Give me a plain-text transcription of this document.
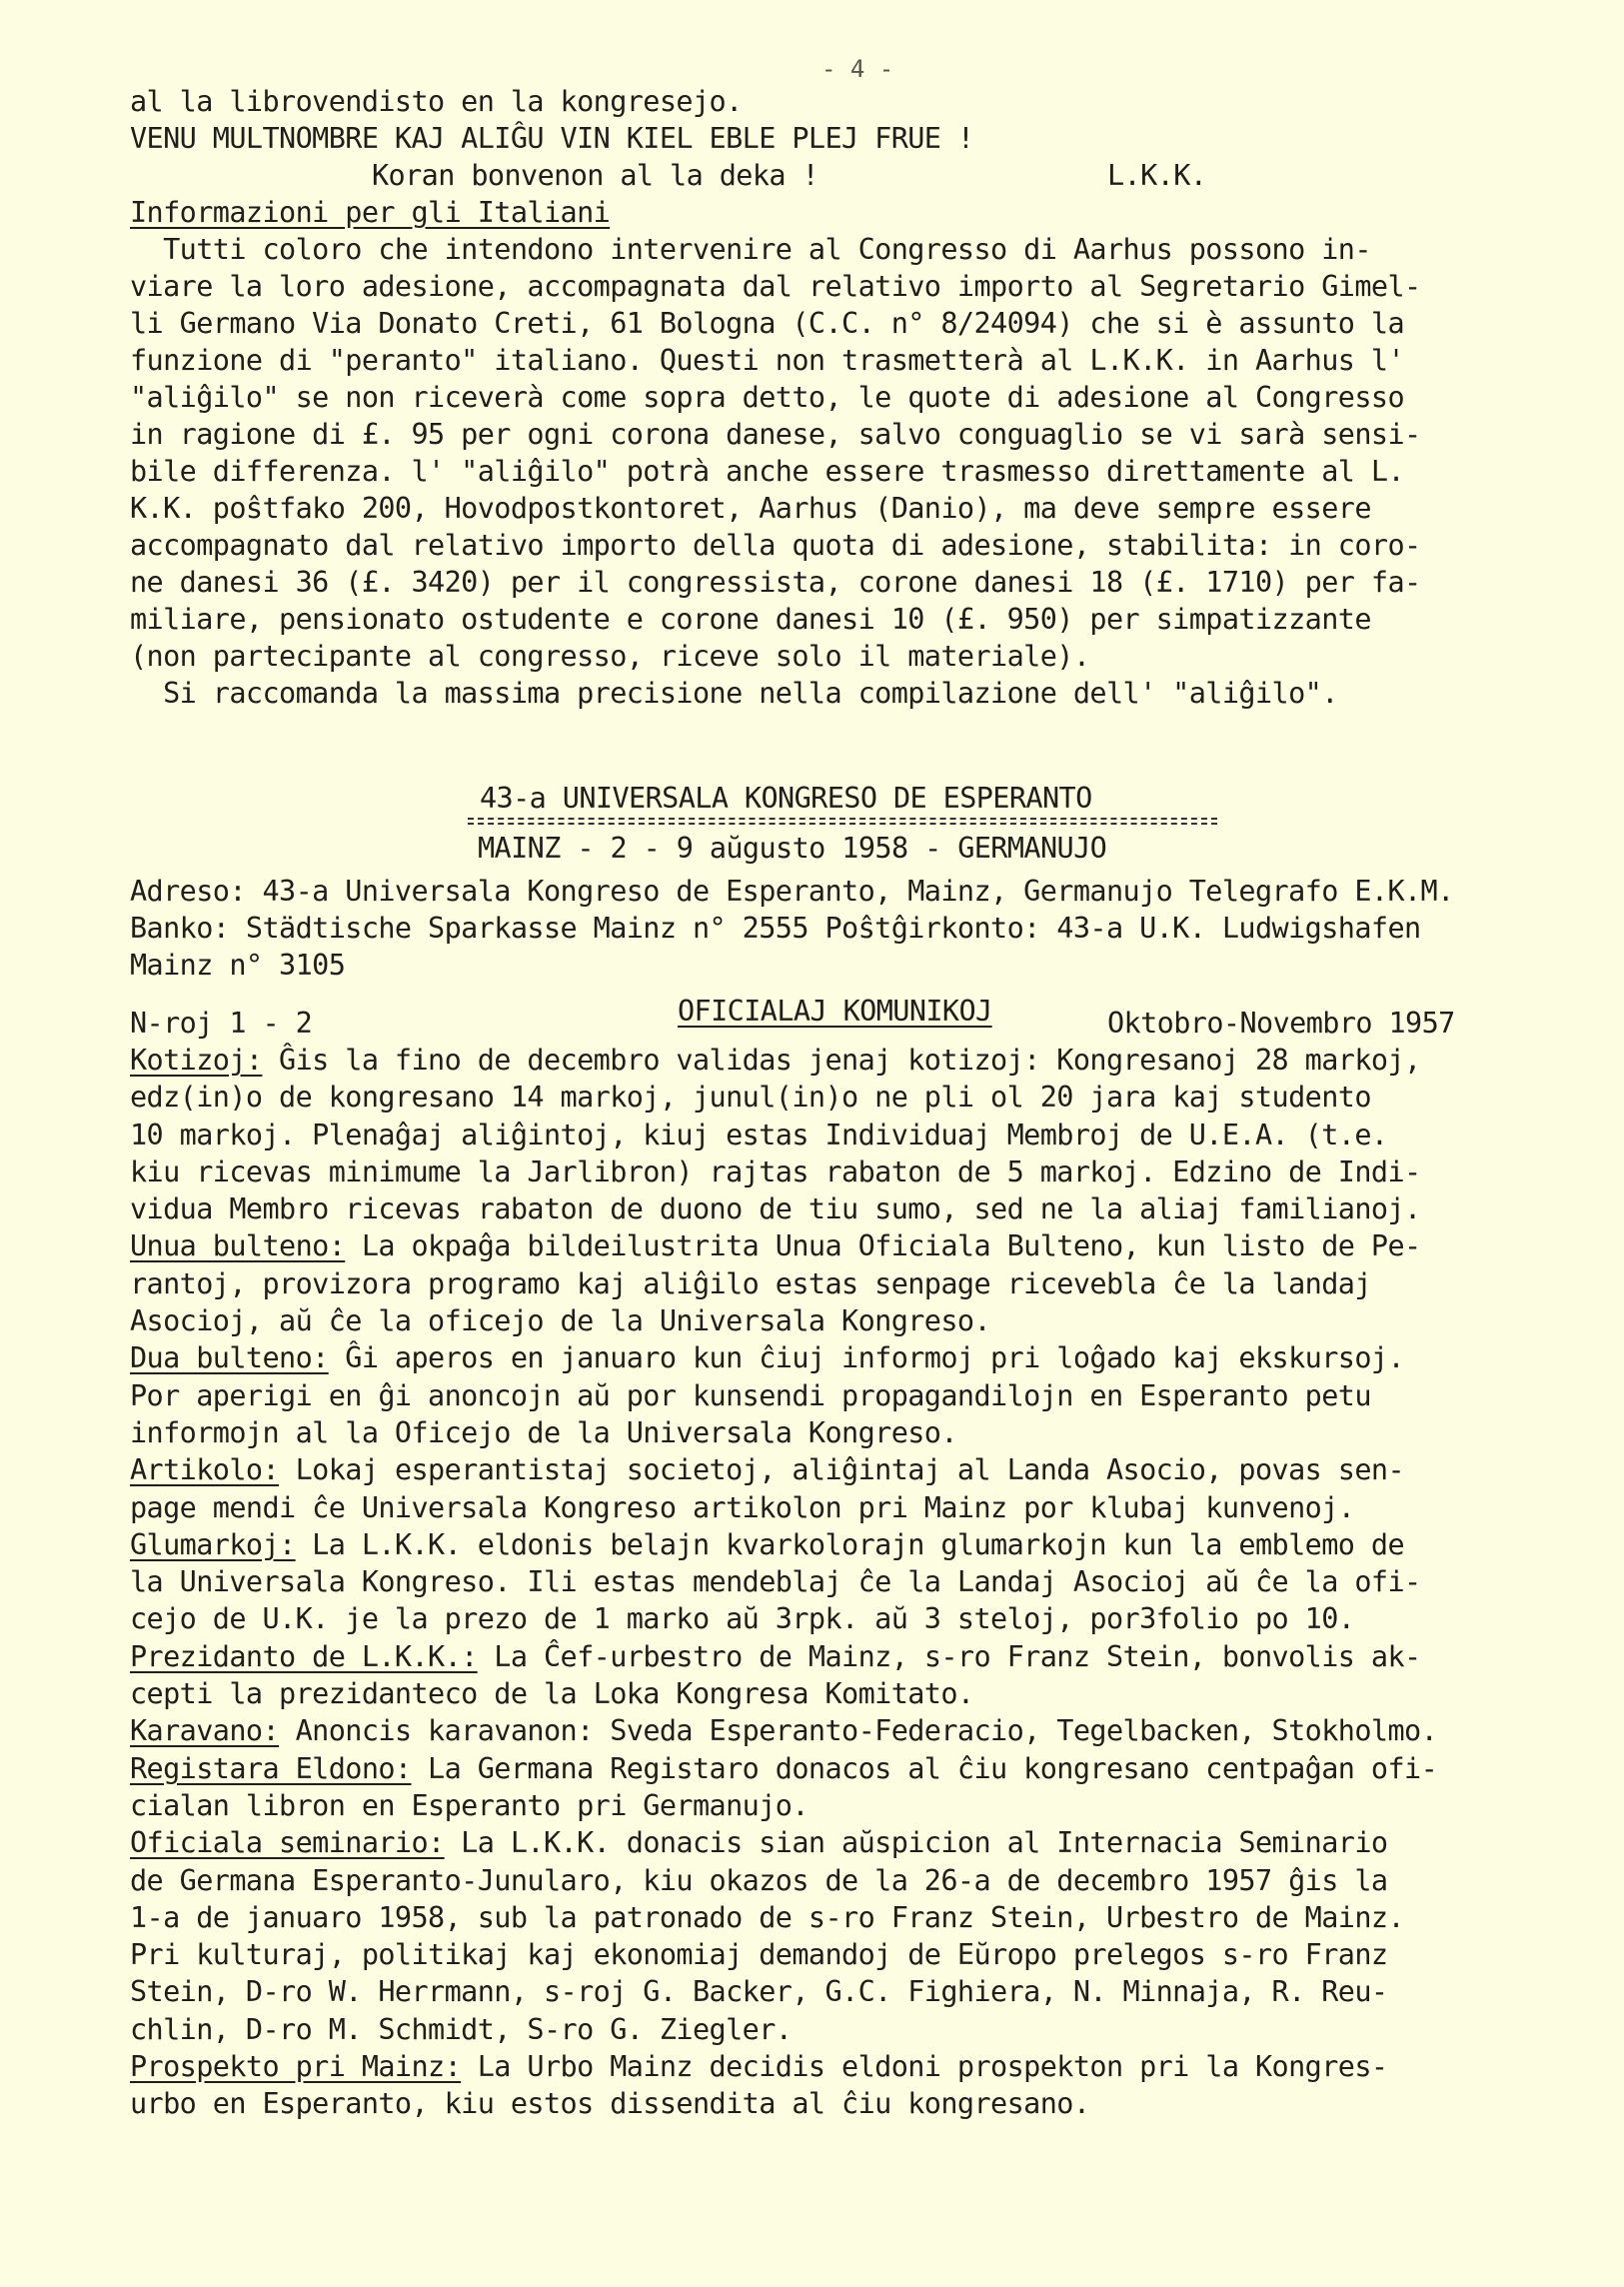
- 4 -
al la librovendisto en la kongresejo.
VENU MULTNOMBRE KAJ ALIĜU VIN KIEL EBLE PLEJ FRUE !
Koran bonvenon al la deka !	L.K.K.
Informazioni per gli Italiani
Tutti coloro che intendono intervenire al Congresso di Aarhus possono in-
viare la loro adesione, accompagnata dal relativo importo al Segretario Gimel-
li Germano Via Donato Creti, 61 Bologna (C.C. n° 8/24094) che si è assunto la
funzione di "peranto" italiano. Questi non trasmetterà al L.K.K. in Aarhus l'
"aliĝilo" se non riceverà come sopra detto, le quote di adesione al Congresso
in ragione di £. 95 per ogni corona danese, salvo conguaglio se vi sarà sensi-
bile differenza. l' "aliĝilo" potrà anche essere trasmesso direttamente al L.
K.K. poŝtfako 200, Hovodpostkontoret, Aarhus (Danio), ma deve sempre essere
accompagnato dal relativo importo della quota di adesione, stabilita: in coro-
ne danesi 36 (£. 3420) per il congressista, corone danesi 18 (£. 1710) per fa-
miliare, pensionato ostudente e corone danesi 10 (£. 950) per simpatizzante
(non partecipante al congresso, riceve solo il materiale).
Si raccomanda la massima precisione nella compilazione dell' "aliĝilo".
43-a UNIVERSALA KONGRESO DE ESPERANTO
MAINZ - 2 - 9 aŭgusto 1958 - GERMANUJO
Adreso: 43-a Universala Kongreso de Esperanto, Mainz, Germanujo Telegrafo E.K.M.
Banko: Städtische Sparkasse Mainz n° 2555 Poŝtĝirkonto: 43-a U.K. Ludwigshafen
Mainz n° 3105
N-roj 1 - 2	OFICIALAJ KOMUNIKOJ	Oktobro-Novembro 1957
Kotizoj: Ĝis la fino de decembro validas jenaj kotizoj: Kongresanoj 28 markoj,
edz(in)o de kongresano 14 markoj, junul(in)o ne pli ol 20 jara kaj studento
10 markoj. Plenaĝaj aliĝintoj, kiuj estas Individuaj Membroj de U.E.A. (t.e.
kiu ricevas minimume la Jarlibron) rajtas rabaton de 5 markoj. Edzino de Indi-
vidua Membro ricevas rabaton de duono de tiu sumo, sed ne la aliaj familianoj.
Unua bulteno: La okpaĝa bildeilustrita Unua Oficiala Bulteno, kun listo de Pe-
rantoj, provizora programo kaj aliĝilo estas senpage ricevebla ĉe la landaj
Asocioj, aŭ ĉe la oficejo de la Universala Kongreso.
Dua bulteno: Ĝi aperos en januaro kun ĉiuj informoj pri loĝado kaj ekskursoj.
Por aperigi en ĝi anoncojn aŭ por kunsendi propagandilojn en Esperanto petu
informojn al la Oficejo de la Universala Kongreso.
Artikolo: Lokaj esperantistaj societoj, aliĝintaj al Landa Asocio, povas sen-
page mendi ĉe Universala Kongreso artikolon pri Mainz por klubaj kunvenoj.
Glumarkoj: La L.K.K. eldonis belajn kvarkolorajn glumarkojn kun la emblemo de
la Universala Kongreso. Ili estas mendeblaj ĉe la Landaj Asocioj aŭ ĉe la ofi-
cejo de U.K. je la prezo de 1 marko aŭ 3rpk. aŭ 3 steloj, por3folio po 10.
Prezidanto de L.K.K.: La Ĉef-urbestro de Mainz, s-ro Franz Stein, bonvolis ak-
cepti la prezidanteco de la Loka Kongresa Komitato.
Karavano: Anoncis karavanon: Sveda Esperanto-Federacio, Tegelbacken, Stokholmo.
Registara Eldono: La Germana Registaro donacos al ĉiu kongresano centpaĝan ofi-
cialan libron en Esperanto pri Germanujo.
Oficiala seminario: La L.K.K. donacis sian aŭspicion al Internacia Seminario
de Germana Esperanto-Junularo, kiu okazos de la 26-a de decembro 1957 ĝis la
1-a de januaro 1958, sub la patronado de s-ro Franz Stein, Urbestro de Mainz.
Pri kulturaj, politikaj kaj ekonomiaj demandoj de Eŭropo prelegos s-ro Franz
Stein, D-ro W. Herrmann, s-roj G. Backer, G.C. Fighiera, N. Minnaja, R. Reu-
chlin, D-ro M. Schmidt, S-ro G. Ziegler.
Prospekto pri Mainz: La Urbo Mainz decidis eldoni prospekton pri la Kongres-
urbo en Esperanto, kiu estos dissendita al ĉiu kongresano.
